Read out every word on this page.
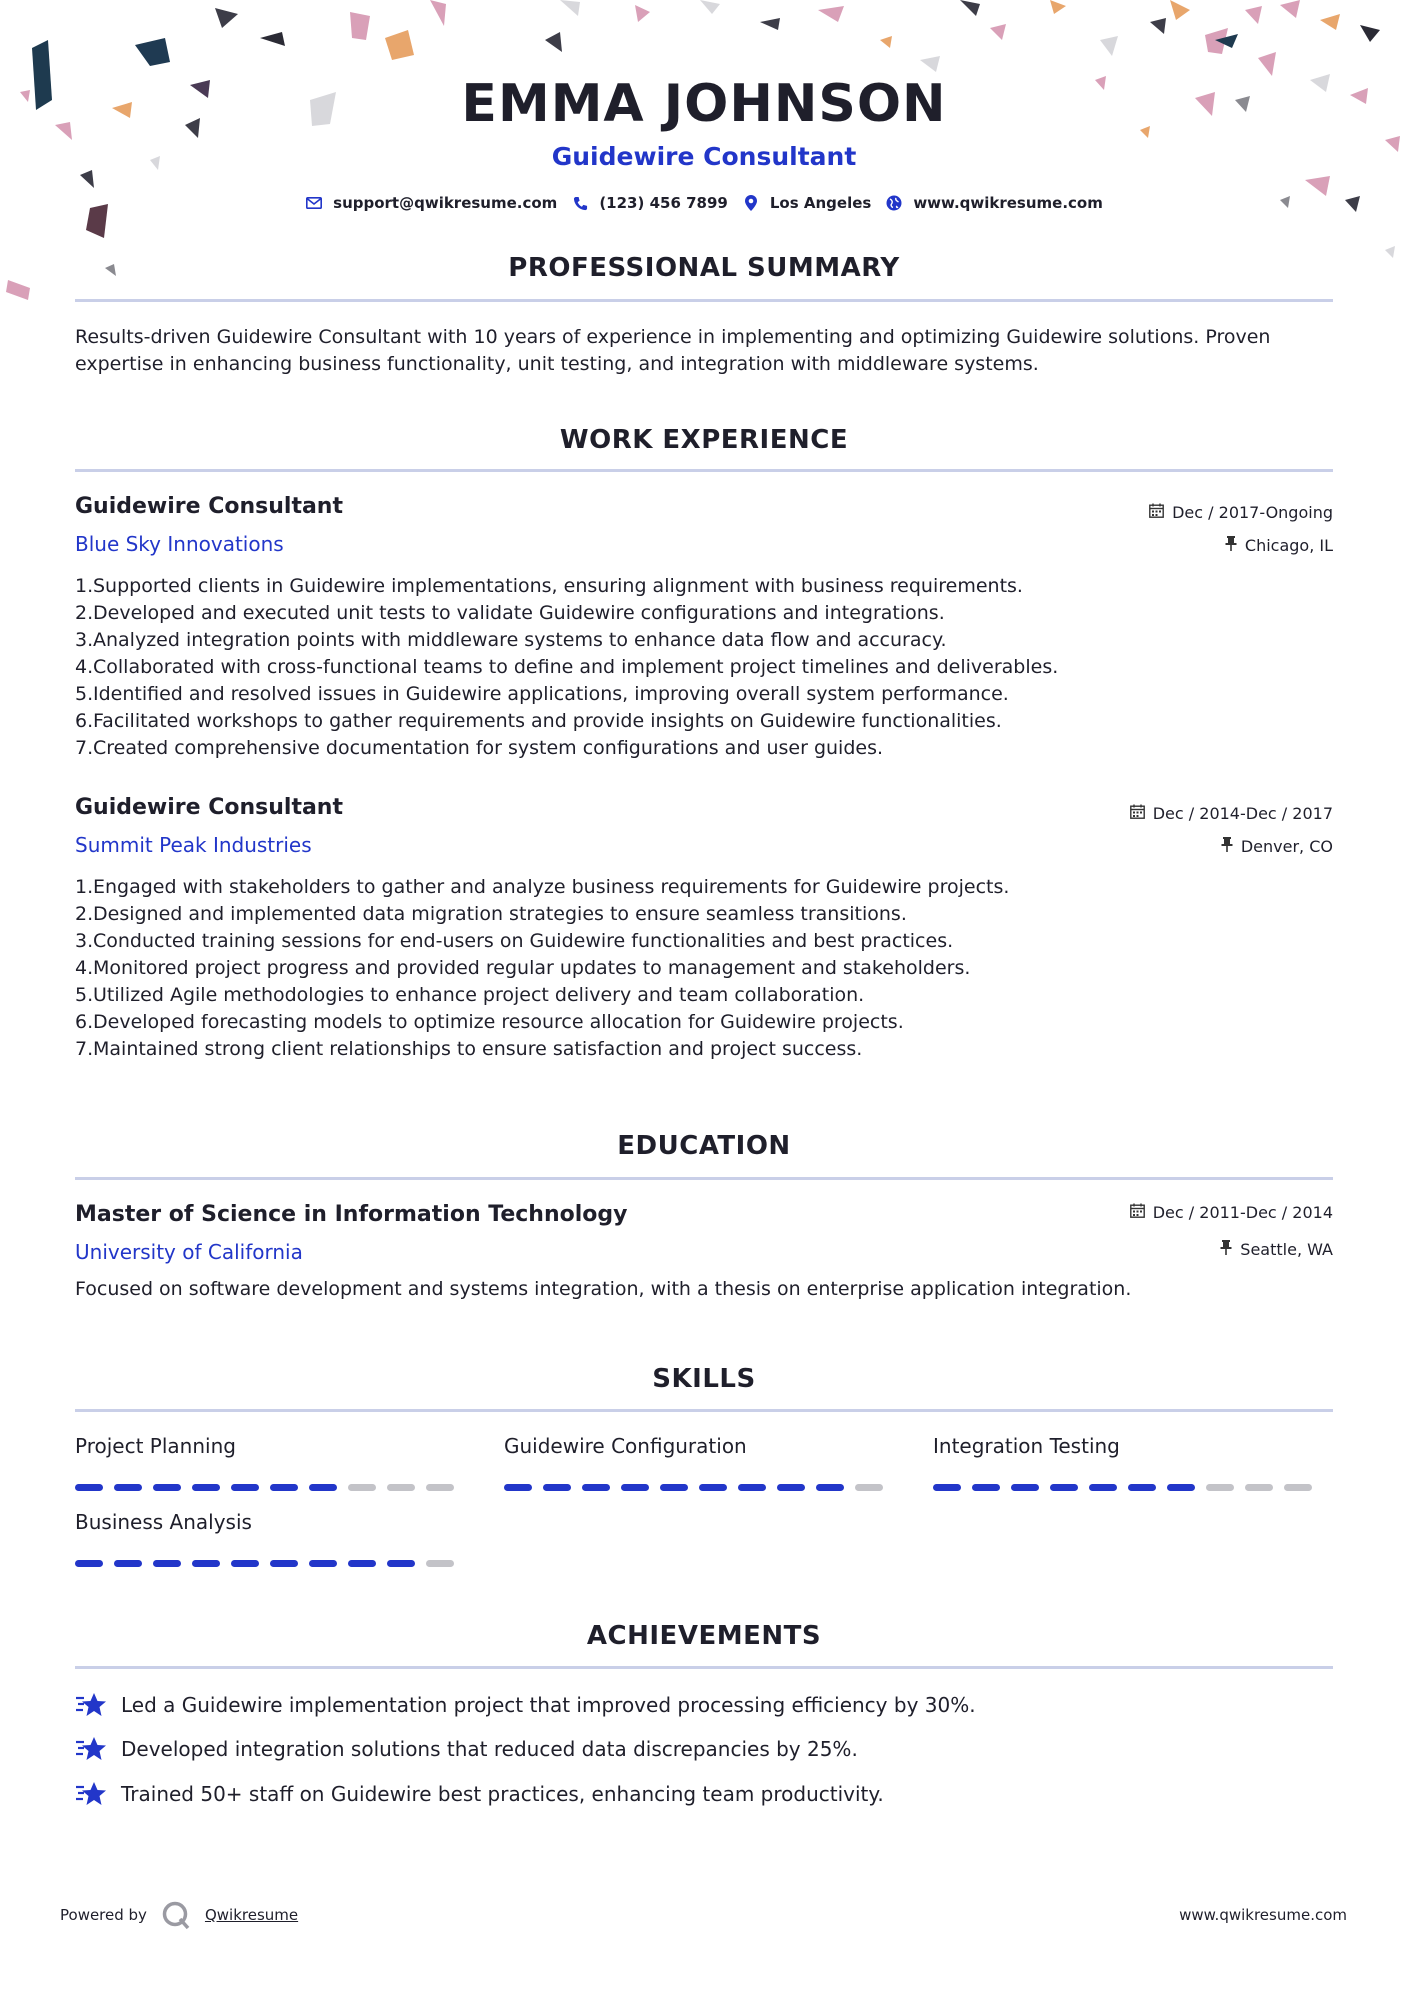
EMMA JOHNSON
Guidewire Consultant
support@qwikresume.com	(123) 456 7899	Los Angeles	www.qwikresume.com
PROFESSIONAL SUMMARY
Results-driven Guidewire Consultant with 10 years of experience in implementing and optimizing Guidewire solutions. Proven expertise in enhancing business functionality, unit testing, and integration with middleware systems.
WORK EXPERIENCE
Guidewire Consultant
Blue Sky Innovations
Dec / 2017-Ongoing
Chicago, IL
1. Supported clients in Guidewire implementations, ensuring alignment with business requirements.
2. Developed and executed unit tests to validate Guidewire configurations and integrations.
3. Analyzed integration points with middleware systems to enhance data flow and accuracy.
4. Collaborated with cross-functional teams to define and implement project timelines and deliverables.
5. Identified and resolved issues in Guidewire applications, improving overall system performance.
6. Facilitated workshops to gather requirements and provide insights on Guidewire functionalities.
7. Created comprehensive documentation for system configurations and user guides.
Guidewire Consultant
Summit Peak Industries
Dec / 2014-Dec / 2017
Denver, CO
1. Engaged with stakeholders to gather and analyze business requirements for Guidewire projects.
2. Designed and implemented data migration strategies to ensure seamless transitions.
3. Conducted training sessions for end-users on Guidewire functionalities and best practices.
4. Monitored project progress and provided regular updates to management and stakeholders.
5. Utilized Agile methodologies to enhance project delivery and team collaboration.
6. Developed forecasting models to optimize resource allocation for Guidewire projects.
7. Maintained strong client relationships to ensure satisfaction and project success.
EDUCATION
Master of Science in Information Technology
University of California
Dec / 2011-Dec / 2014
Seattle, WA
Focused on software development and systems integration, with a thesis on enterprise application integration.
SKILLS
Project Planning	Guidewire Configuration	Integration Testing
Business Analysis
ACHIEVEMENTS
Led a Guidewire implementation project that improved processing efficiency by 30%.
Developed integration solutions that reduced data discrepancies by 25%.
Trained 50+ staff on Guidewire best practices, enhancing team productivity.
Powered by	Qwikresume	www.qwikresume.com
